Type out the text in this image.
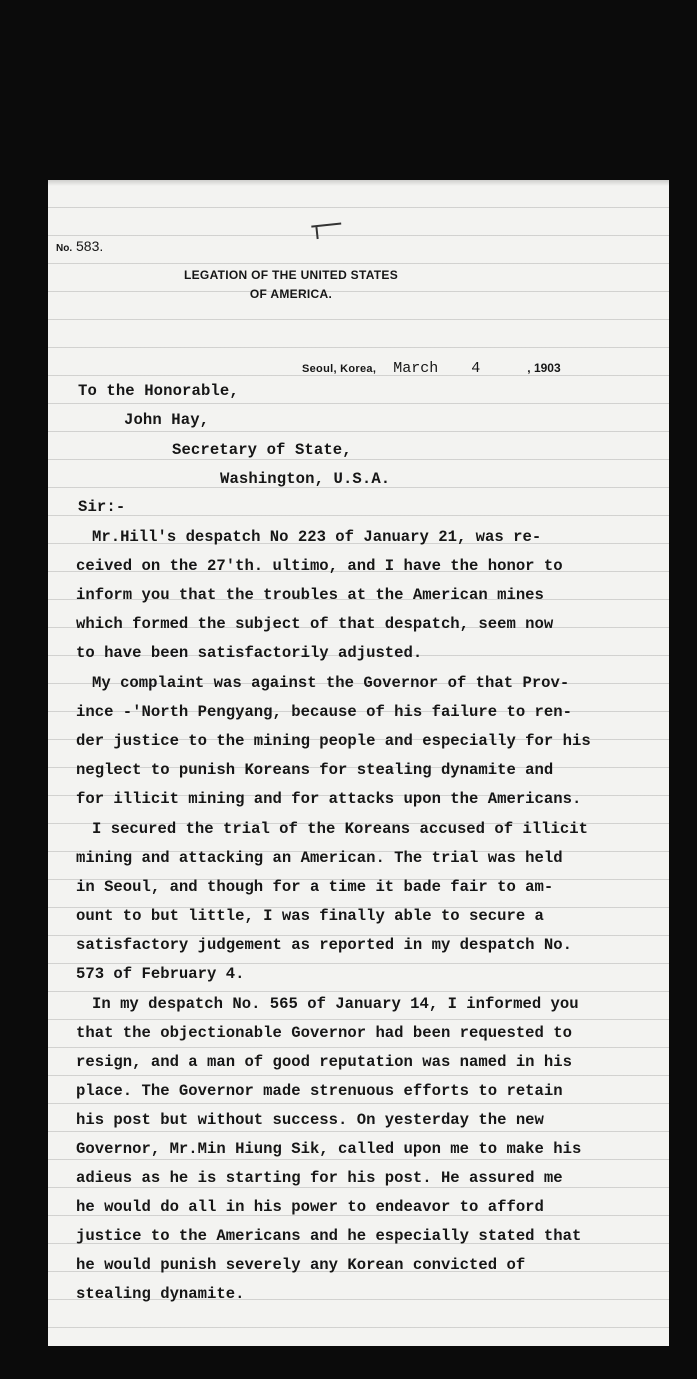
No. 583.
LEGATION OF THE UNITED STATES
OF AMERICA.
Seoul, Korea, March 4	, 1903
To the Honorable,
John Hay,
Secretary of State,
Washington, U.S.A.
Sir:-
Mr.Hill's despatch No 223 of January 21, was re-
ceived on the 27'th. ultimo, and I have the honor to
inform you that the troubles at the American mines
which formed the subject of that despatch, seem now
to have been satisfactorily adjusted.
My complaint was against the Governor of that Prov-
ince -'North Pengyang, because of his failure to ren-
der justice to the mining people and especially for his
neglect to punish Koreans for stealing dynamite and
for illicit mining and for attacks upon the Americans.
I secured the trial of the Koreans accused of illicit
mining and attacking an American. The trial was held
in Seoul, and though for a time it bade fair to am-
ount to but little, I was finally able to secure a
satisfactory judgement as reported in my despatch No.
573 of February 4.
In my despatch No. 565 of January 14, I informed you
that the objectionable Governor had been requested to
resign, and a man of good reputation was named in his
place. The Governor made strenuous efforts to retain
his post but without success. On yesterday the new
Governor, Mr.Min Hiung Sik, called upon me to make his
adieus as he is starting for his post. He assured me
he would do all in his power to endeavor to afford
justice to the Americans and he especially stated that
he would punish severely any Korean convicted of
stealing dynamite.
